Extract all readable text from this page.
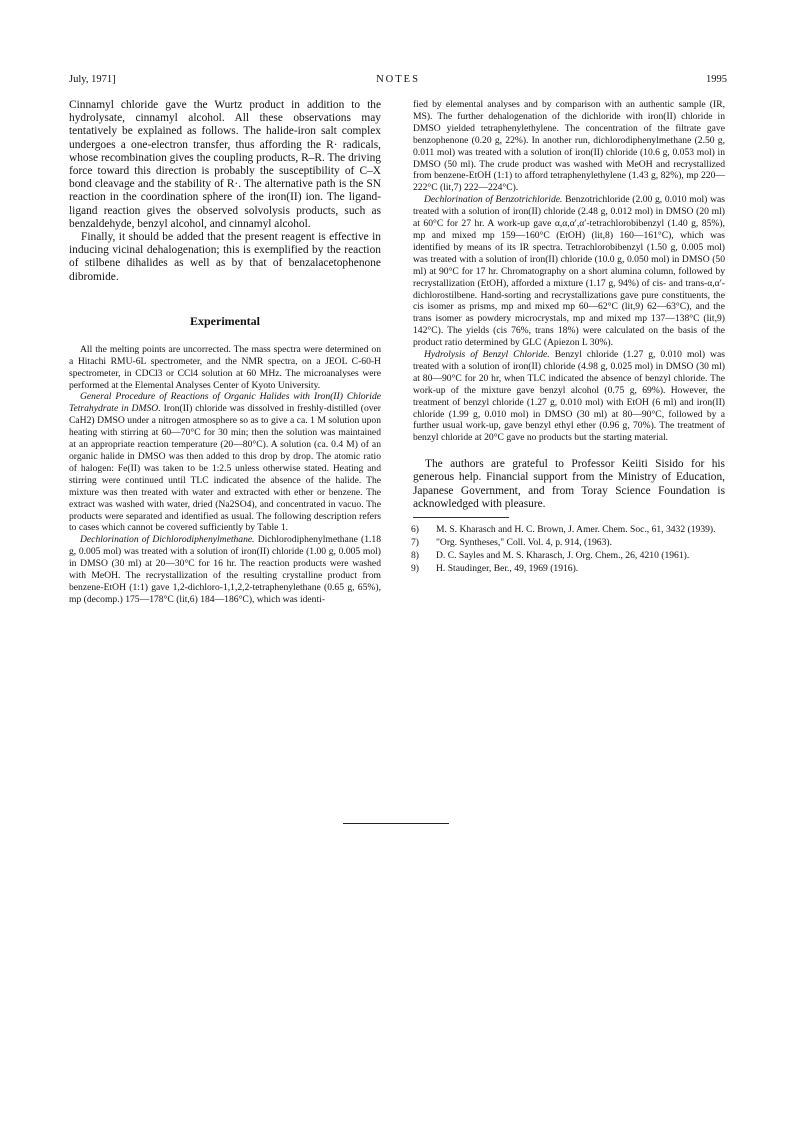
July, 1971]	NOTES	1995

Cinnamyl chloride gave the Wurtz product in addition to the hydrolysate, cinnamyl alcohol. All these observations may tentatively be explained as follows. The halide-iron salt complex undergoes a one-electron transfer, thus affording the R· radicals, whose recombination gives the coupling products, R–R. The driving force toward this direction is probably the susceptibility of C–X bond cleavage and the stability of R·. The alternative path is the SN reaction in the coordination sphere of the iron(II) ion. The ligand-ligand reaction gives the observed solvolysis products, such as benzaldehyde, benzyl alcohol, and cinnamyl alcohol.

Finally, it should be added that the present reagent is effective in inducing vicinal dehalogenation; this is exemplified by the reaction of stilbene dihalides as well as by that of benzalacetophenone dibromide.

Experimental

All the melting points are uncorrected. The mass spectra were determined on a Hitachi RMU-6L spectrometer, and the NMR spectra, on a JEOL C-60-H spectrometer, in CDCl3 or CCl4 solution at 60 MHz. The microanalyses were performed at the Elemental Analyses Center of Kyoto University.

General Procedure of Reactions of Organic Halides with Iron(II) Chloride Tetrahydrate in DMSO. Iron(II) chloride was dissolved in freshly-distilled (over CaH2) DMSO under a nitrogen atmosphere so as to give a ca. 1 M solution upon heating with stirring at 60—70°C for 30 min; then the solution was maintained at an appropriate reaction temperature (20—80°C). A solution (ca. 0.4 M) of an organic halide in DMSO was then added to this drop by drop. The atomic ratio of halogen: Fe(II) was taken to be 1:2.5 unless otherwise stated. Heating and stirring were continued until TLC indicated the absence of the halide. The mixture was then treated with water and extracted with ether or benzene. The extract was washed with water, dried (Na2SO4), and concentrated in vacuo. The products were separated and identified as usual. The following description refers to cases which cannot be covered sufficiently by Table 1.

Dechlorination of Dichlorodiphenylmethane. Dichlorodiphenylmethane (1.18 g, 0.005 mol) was treated with a solution of iron(II) chloride (1.00 g, 0.005 mol) in DMSO (30 ml) at 20—30°C for 16 hr. The reaction products were washed with MeOH. The recrystallization of the resulting crystalline product from benzene-EtOH (1:1) gave 1,2-dichloro-1,1,2,2-tetraphenylethane (0.65 g, 65%), mp (decomp.) 175—178°C (lit,6) 184—186°C), which was identi-

fied by elemental analyses and by comparison with an authentic sample (IR, MS). The further dehalogenation of the dichloride with iron(II) chloride in DMSO yielded tetraphenylethylene. The concentration of the filtrate gave benzophenone (0.20 g, 22%). In another run, dichlorodiphenylmethane (2.50 g, 0.011 mol) was treated with a solution of iron(II) chloride (10.6 g, 0.053 mol) in DMSO (50 ml). The crude product was washed with MeOH and recrystallized from benzene-EtOH (1:1) to afford tetraphenylethylene (1.43 g, 82%), mp 220—222°C (lit,7) 222—224°C).

Dechlorination of Benzotrichloride. Benzotrichloride (2.00 g, 0.010 mol) was treated with a solution of iron(II) chloride (2.48 g, 0.012 mol) in DMSO (20 ml) at 60°C for 27 hr. A work-up gave α,α,α′,α′-tetrachlorobibenzyl (1.40 g, 85%), mp and mixed mp 159—160°C (EtOH) (lit,8) 160—161°C), which was identified by means of its IR spectra. Tetrachlorobibenzyl (1.50 g, 0.005 mol) was treated with a solution of iron(II) chloride (10.0 g, 0.050 mol) in DMSO (50 ml) at 90°C for 17 hr. Chromatography on a short alumina column, followed by recrystallization (EtOH), afforded a mixture (1.17 g, 94%) of cis- and trans-α,α′-dichlorostilbene. Hand-sorting and recrystallizations gave pure constituents, the cis isomer as prisms, mp and mixed mp 60—62°C (lit,9) 62—63°C), and the trans isomer as powdery microcrystals, mp and mixed mp 137—138°C (lit,9) 142°C). The yields (cis 76%, trans 18%) were calculated on the basis of the product ratio determined by GLC (Apiezon L 30%).

Hydrolysis of Benzyl Chloride. Benzyl chloride (1.27 g, 0.010 mol) was treated with a solution of iron(II) chloride (4.98 g, 0.025 mol) in DMSO (30 ml) at 80—90°C for 20 hr, when TLC indicated the absence of benzyl chloride. The work-up of the mixture gave benzyl alcohol (0.75 g, 69%). However, the treatment of benzyl chloride (1.27 g, 0.010 mol) with EtOH (6 ml) and iron(II) chloride (1.99 g, 0.010 mol) in DMSO (30 ml) at 80—90°C, followed by a further usual work-up, gave benzyl ethyl ether (0.96 g, 70%). The treatment of benzyl chloride at 20°C gave no products but the starting material.

The authors are grateful to Professor Keiiti Sisido for his generous help. Financial support from the Ministry of Education, Japanese Government, and from Toray Science Foundation is acknowledged with pleasure.

6) M. S. Kharasch and H. C. Brown, J. Amer. Chem. Soc., 61, 3432 (1939).
7) "Org. Syntheses," Coll. Vol. 4, p. 914, (1963).
8) D. C. Sayles and M. S. Kharasch, J. Org. Chem., 26, 4210 (1961).
9) H. Staudinger, Ber., 49, 1969 (1916).
